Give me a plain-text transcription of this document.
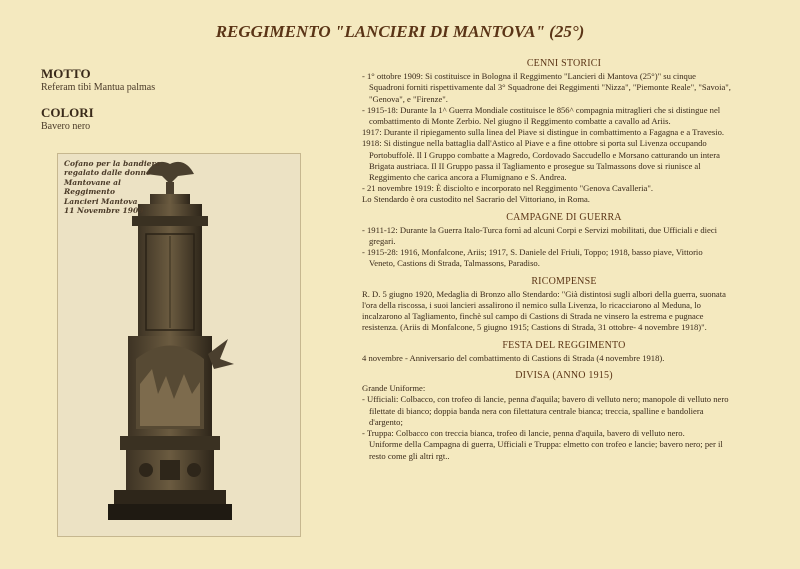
REGGIMENTO "LANCIERI DI MANTOVA" (25°)
MOTTO
Referam tibi Mantua palmas
COLORI
Bavero nero
Cofano per la bandiera
regalato dalle donne
Mantovane al Reggimento
Lancieri Mantova
11 Novembre 1909
CENNI STORICI

- 1° ottobre 1909: Si costituisce in Bologna il Reggimento "Lancieri di Mantova (25°)" su cinque

Squadroni forniti rispettivamente dal 3° Squadrone dei Reggimenti "Nizza", "Piemonte Reale", "Savoia",

"Genova", e "Firenze".

- 1915-18: Durante la 1^ Guerra Mondiale costituisce le 856^ compagnia mitraglieri che si distingue nel

combattimento di Monte Zerbio. Nel giugno il Reggimento combatte a cavallo ad Ariis.

1917: Durante il ripiegamento sulla linea del Piave si distingue in combattimento a Fagagna e a Travesio.

1918: Si distingue nella battaglia dall'Astico al Piave e a fine ottobre si porta sul Livenza occupando

Portobuffolè. Il I Gruppo combatte a Magredo, Cordovado Saccudello e Morsano catturando un intera

Brigata austriaca. Il II Gruppo passa il Tagliamento e prosegue su Talmassons dove si riunisce al

Reggimento che carica ancora a Flumignano e S. Andrea.

- 21 novembre 1919: È disciolto e incorporato nel Reggimento "Genova Cavalleria".

Lo Stendardo è ora custodito nel Sacrario del Vittoriano, in Roma.

CAMPAGNE DI GUERRA

- 1911-12: Durante la Guerra Italo-Turca fornì ad alcuni Corpi e Servizi mobilitati, due Ufficiali e dieci

gregari.

- 1915-28: 1916, Monfalcone, Ariis; 1917, S. Daniele del Friuli, Toppo; 1918, basso piave, Vittorio

Veneto, Castions di Strada, Talmassons, Paradiso.

RICOMPENSE

R. D. 5 giugno 1920, Medaglia di Bronzo allo Stendardo: "Già distintosi sugli albori della guerra, suonata

l'ora della riscossa, i suoi lancieri assalirono il nemico sulla Livenza, lo ricacciarono al Meduna, lo

incalzarono al Tagliamento, finchè sul campo di Castions di Strada ne vinsero la estrema e pugnace

resistenza. (Ariis di Monfalcone, 5 giugno 1915; Castions di Strada, 31 ottobre- 4 novembre 1918)".

FESTA DEL REGGIMENTO

4 novembre - Anniversario del combattimento di Castions di Strada (4 novembre 1918).

DIVISA (ANNO 1915)

Grande Uniforme:

- Ufficiali: Colbacco, con trofeo di lancie, penna d'aquila; bavero di velluto nero; manopole di velluto nero

filettate di bianco; doppia banda nera con filettatura centrale bianca; treccia, spalline e bandoliera

d'argento;

- Truppa: Colbacco con treccia bianca, trofeo di lancie, penna d'aquila, bavero di velluto nero.

Uniforme della Campagna di guerra, Ufficiali e Truppa: elmetto con trofeo e lancie; bavero nero; per il

resto come gli altri rgt..
